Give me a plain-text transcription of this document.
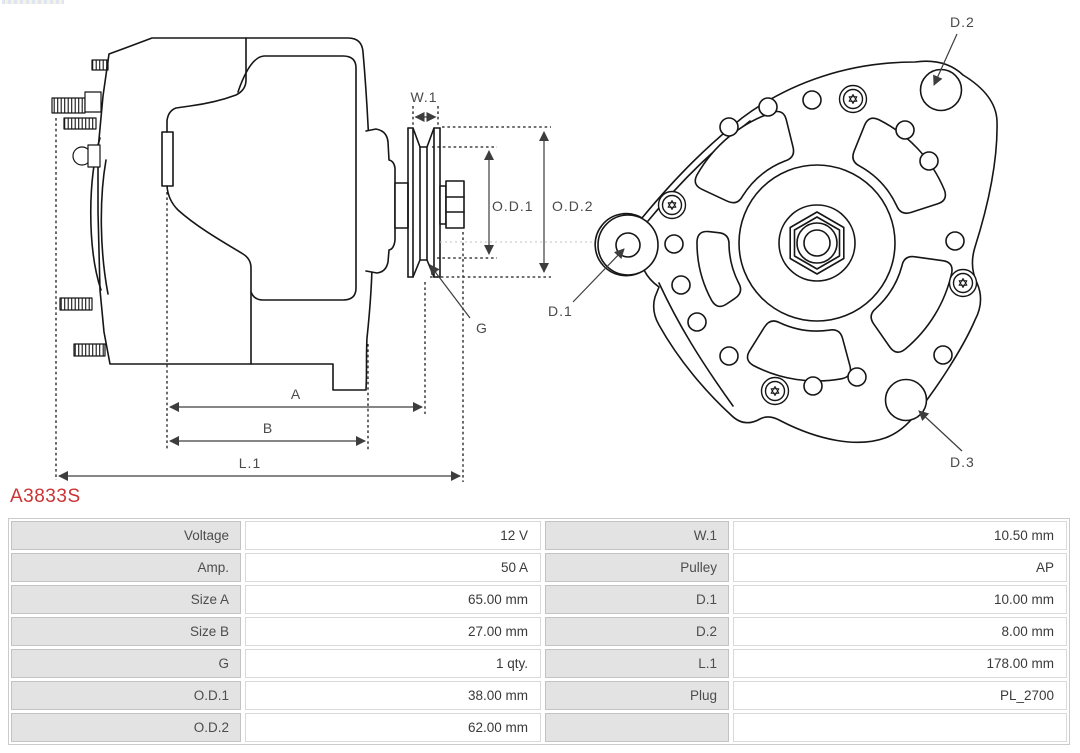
W.1
O.D.1 O.D.2
G
A
B
L.1
D.1
D.2
D.3
A3833S
Voltage	12 V	W.1	10.50 mm
Amp.	50 A	Pulley	AP
Size A	65.00 mm	D.1	10.00 mm
Size B	27.00 mm	D.2	8.00 mm
G	1 qty.	L.1	178.00 mm
O.D.1	38.00 mm	Plug	PL_2700
O.D.2	62.00 mm
